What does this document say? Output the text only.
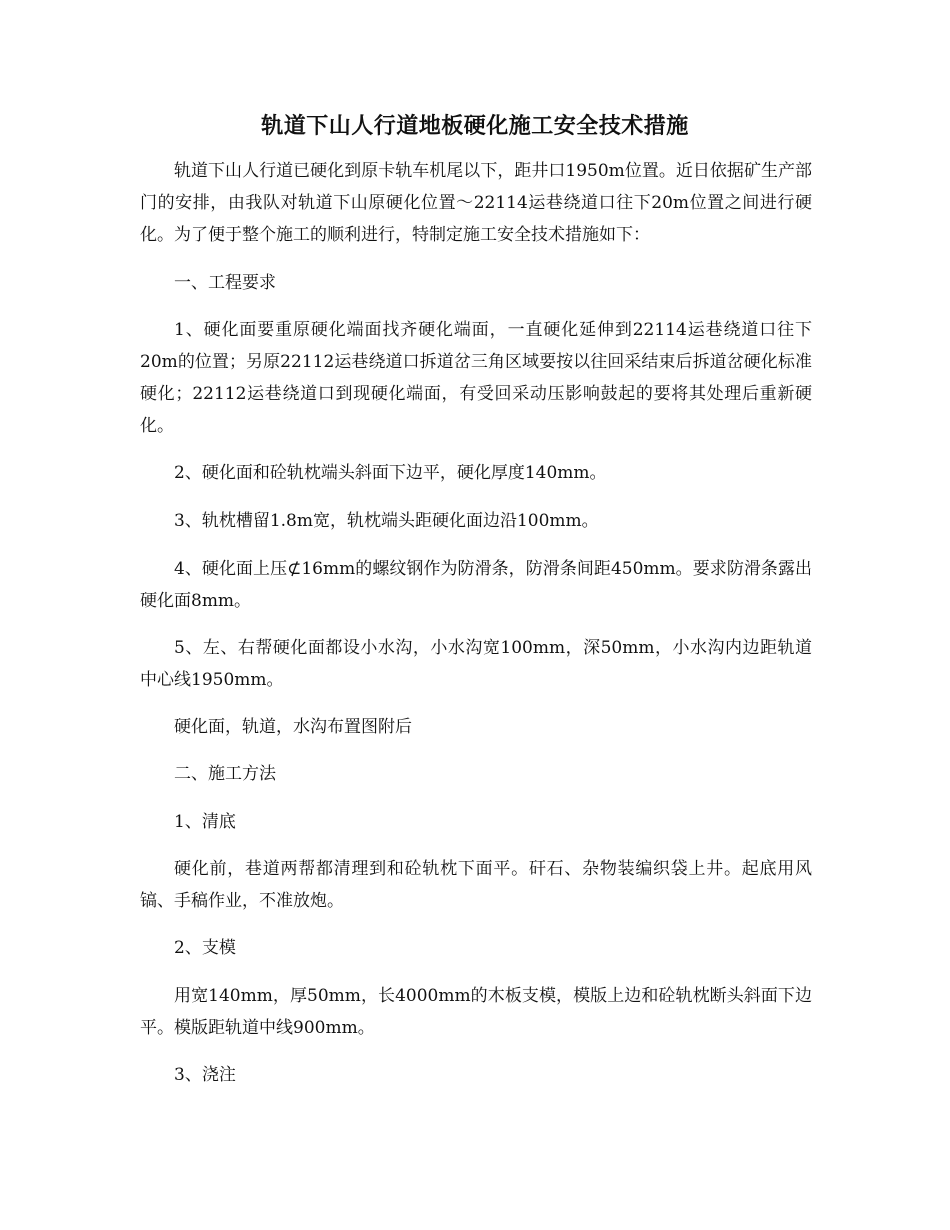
轨道下山人行道地板硬化施工安全技术措施

轨道下山人行道已硬化到原卡轨车机尾以下，距井口1950m位置。近日依据矿生产部门的安排，由我队对轨道下山原硬化位置～22114运巷绕道口往下20m位置之间进行硬化。为了便于整个施工的顺利进行，特制定施工安全技术措施如下：

一、工程要求

1、硬化面要重原硬化端面找齐硬化端面，一直硬化延伸到22114运巷绕道口往下20m的位置；另原22112运巷绕道口拆道岔三角区域要按以往回采结束后拆道岔硬化标准硬化；22112运巷绕道口到现硬化端面，有受回采动压影响鼓起的要将其处理后重新硬化。

2、硬化面和砼轨枕端头斜面下边平，硬化厚度140mm。

3、轨枕槽留1.8m宽，轨枕端头距硬化面边沿100mm。

4、硬化面上压⊄16mm的螺纹钢作为防滑条，防滑条间距450mm。要求防滑条露出硬化面8mm。

5、左、右帮硬化面都设小水沟，小水沟宽100mm，深50mm，小水沟内边距轨道中心线1950mm。

硬化面，轨道，水沟布置图附后

二、施工方法

1、清底

硬化前，巷道两帮都清理到和砼轨枕下面平。矸石、杂物装编织袋上井。起底用风镐、手稿作业，不准放炮。

2、支模

用宽140mm，厚50mm，长4000mm的木板支模，模版上边和砼轨枕断头斜面下边平。模版距轨道中线900mm。

3、浇注
